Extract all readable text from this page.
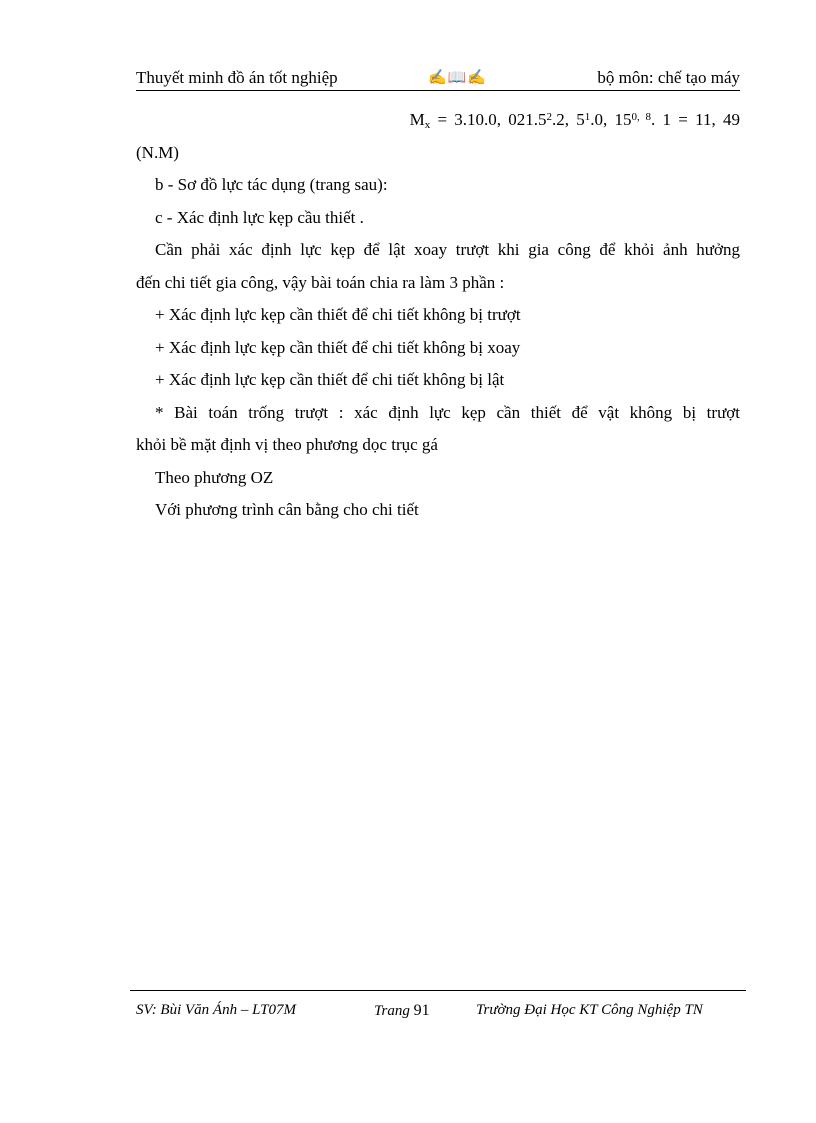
Thuyết minh đồ án tốt nghiệp	✍📖✍	bộ môn: chế tạo máy
$M_x = 3.10.0$, 021.5$^2$.2, $5^1.0$, 15$^{0, 8}$. 1 = 11, 49
(N.M)
b - Sơ đồ lực tác dụng (trang sau):
c - Xác định lực kẹp cầu thiết .
Cần phải xác định lực kẹp để lật xoay trượt khi gia công để khỏi ảnh hưởng
đến chi tiết gia công, vậy bài toán chia ra làm 3 phần :
+ Xác định lực kẹp cần thiết để chi tiết không bị trượt
+ Xác định lực kẹp cần thiết để chi tiết không bị xoay
+ Xác định lực kẹp cần thiết để chi tiết không bị lật
* Bài toán trống trượt : xác định lực kẹp cần thiết để vật không bị trượt
khỏi bề mặt định vị theo phương dọc trục gá
Theo phương OZ
Với phương trình cân bằng cho chi tiết
SV: Bùi Văn Ánh – LT07M	Trang 91	Trường Đại Học KT Công Nghiệp TN
